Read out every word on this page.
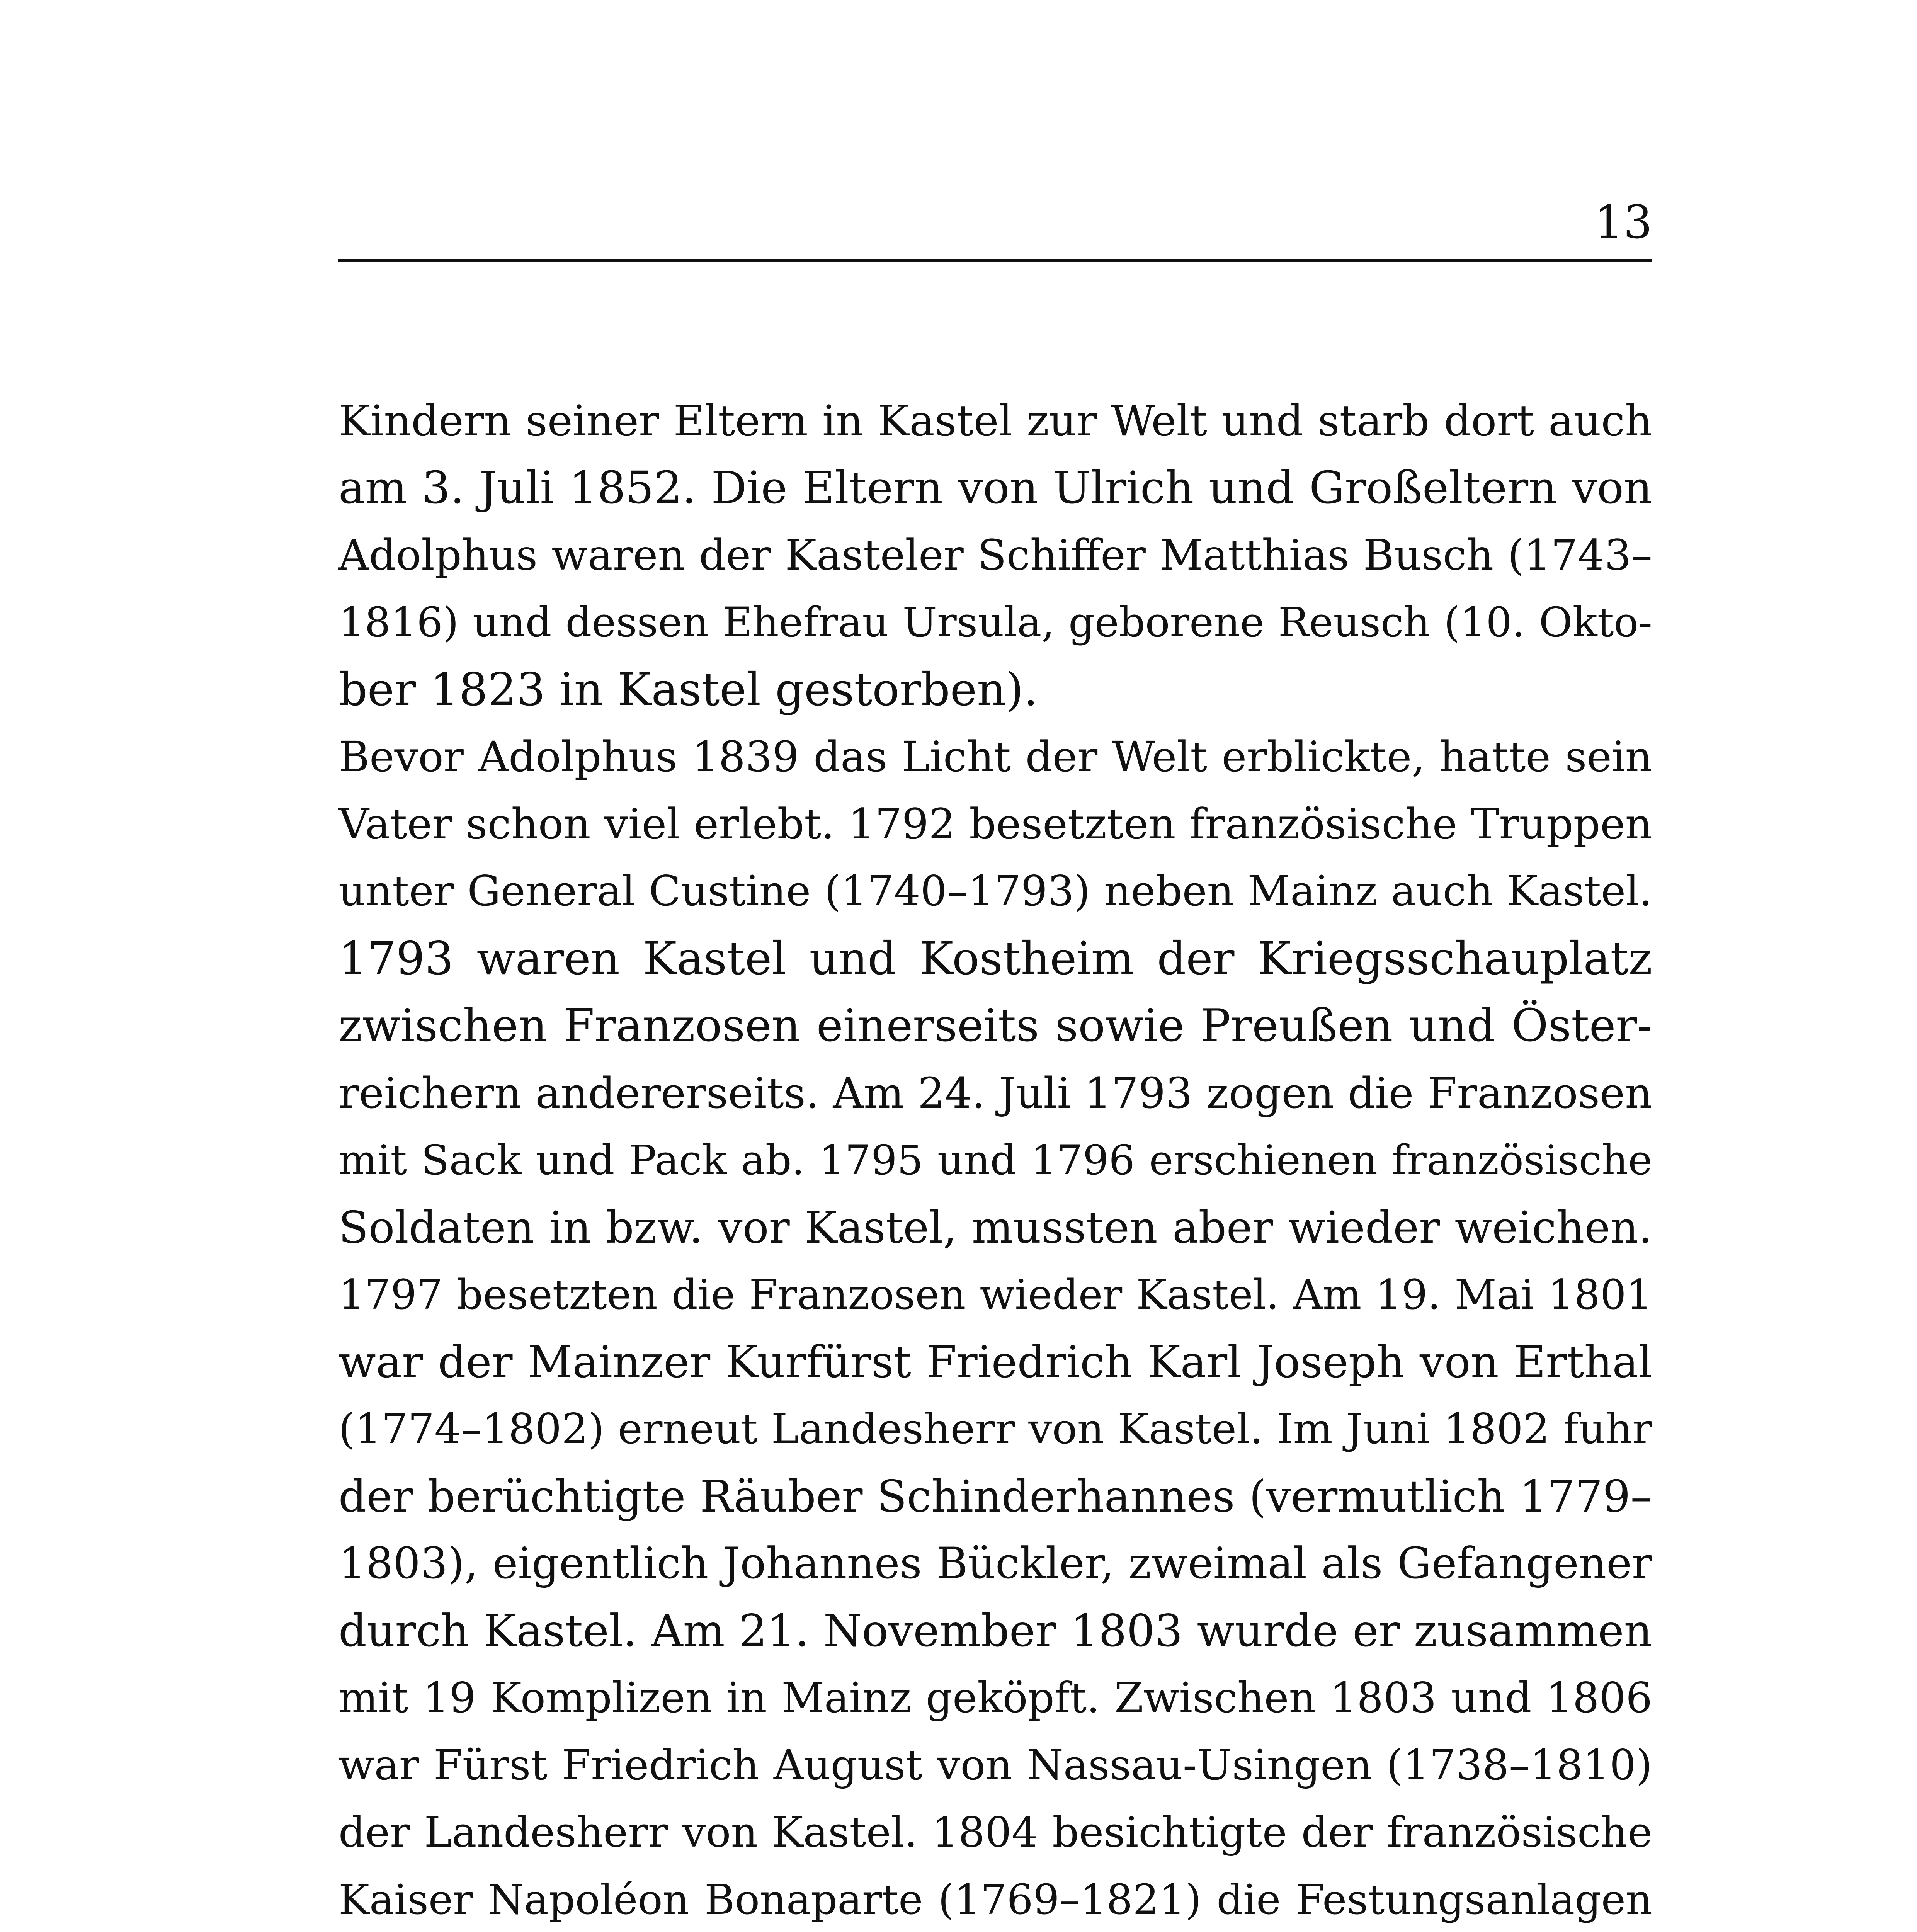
13
Kindern seiner Eltern in Kastel zur Welt und starb dort auch
am 3. Juli 1852. Die Eltern von Ulrich und Großeltern von
Adolphus waren der Kasteler Schiffer Matthias Busch (1743–
1816) und dessen Ehefrau Ursula, geborene Reusch (10. Okto-
ber 1823 in Kastel gestorben).
Bevor Adolphus 1839 das Licht der Welt erblickte, hatte sein
Vater schon viel erlebt. 1792 besetzten französische Truppen
unter General Custine (1740–1793) neben Mainz auch Kastel.
1793 waren Kastel und Kostheim der Kriegsschauplatz
zwischen Franzosen einerseits sowie Preußen und Öster-
reichern andererseits. Am 24. Juli 1793 zogen die Franzosen
mit Sack und Pack ab. 1795 und 1796 erschienen französische
Soldaten in bzw. vor Kastel, mussten aber wieder weichen.
1797 besetzten die Franzosen wieder Kastel. Am 19. Mai 1801
war der Mainzer Kurfürst Friedrich Karl Joseph von Erthal
(1774–1802) erneut Landesherr von Kastel. Im Juni 1802 fuhr
der berüchtigte Räuber Schinderhannes (vermutlich 1779–
1803), eigentlich Johannes Bückler, zweimal als Gefangener
durch Kastel. Am 21. November 1803 wurde er zusammen
mit 19 Komplizen in Mainz geköpft. Zwischen 1803 und 1806
war Fürst Friedrich August von Nassau-Usingen (1738–1810)
der Landesherr von Kastel. 1804 besichtigte der französische
Kaiser Napoléon Bonaparte (1769–1821) die Festungsanlagen
